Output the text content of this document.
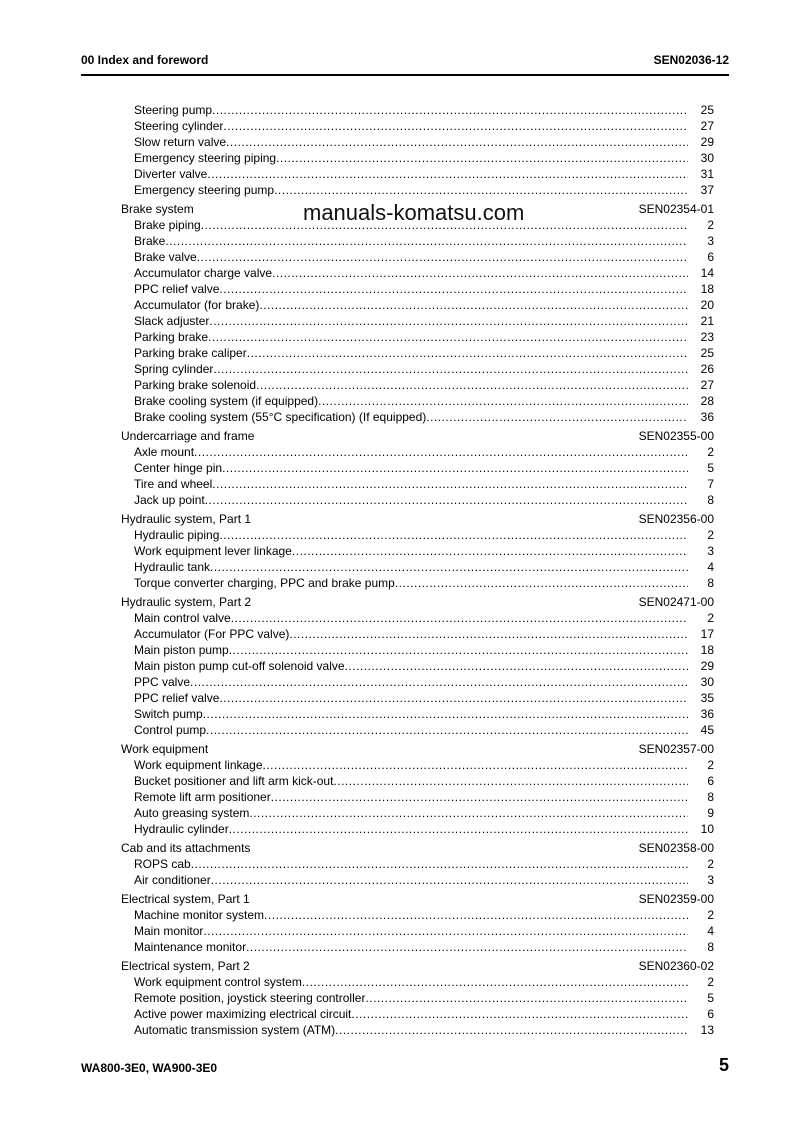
00 Index and foreword	SEN02036-12
Steering pump .....	25
Steering cylinder .....	27
Slow return valve .....	29
Emergency steering piping .....	30
Diverter valve .....	31
Emergency steering pump .....	37
Brake system	SEN02354-01
Brake piping .....	2
Brake .....	3
Brake valve .....	6
Accumulator charge valve .....	14
PPC relief valve .....	18
Accumulator (for brake) .....	20
Slack adjuster .....	21
Parking brake .....	23
Parking brake caliper .....	25
Spring cylinder .....	26
Parking brake solenoid .....	27
Brake cooling system (if equipped) .....	28
Brake cooling system (55°C specification) (If equipped) .....	36
Undercarriage and frame	SEN02355-00
Axle mount .....	2
Center hinge pin .....	5
Tire and wheel .....	7
Jack up point .....	8
Hydraulic system, Part 1	SEN02356-00
Hydraulic piping .....	2
Work equipment lever linkage .....	3
Hydraulic tank .....	4
Torque converter charging, PPC and brake pump .....	8
Hydraulic system, Part 2	SEN02471-00
Main control valve .....	2
Accumulator (For PPC valve) .....	17
Main piston pump .....	18
Main piston pump cut-off solenoid valve .....	29
PPC valve .....	30
PPC relief valve .....	35
Switch pump .....	36
Control pump .....	45
Work equipment	SEN02357-00
Work equipment linkage .....	2
Bucket positioner and lift arm kick-out .....	6
Remote lift arm positioner .....	8
Auto greasing system .....	9
Hydraulic cylinder .....	10
Cab and its attachments	SEN02358-00
ROPS cab .....	2
Air conditioner .....	3
Electrical system, Part 1	SEN02359-00
Machine monitor system .....	2
Main monitor .....	4
Maintenance monitor .....	8
Electrical system, Part 2	SEN02360-02
Work equipment control system .....	2
Remote position, joystick steering controller .....	5
Active power maximizing electrical circuit .....	6
Automatic transmission system (ATM) .....	13
manuals-komatsu.com
WA800-3E0, WA900-3E0	5
